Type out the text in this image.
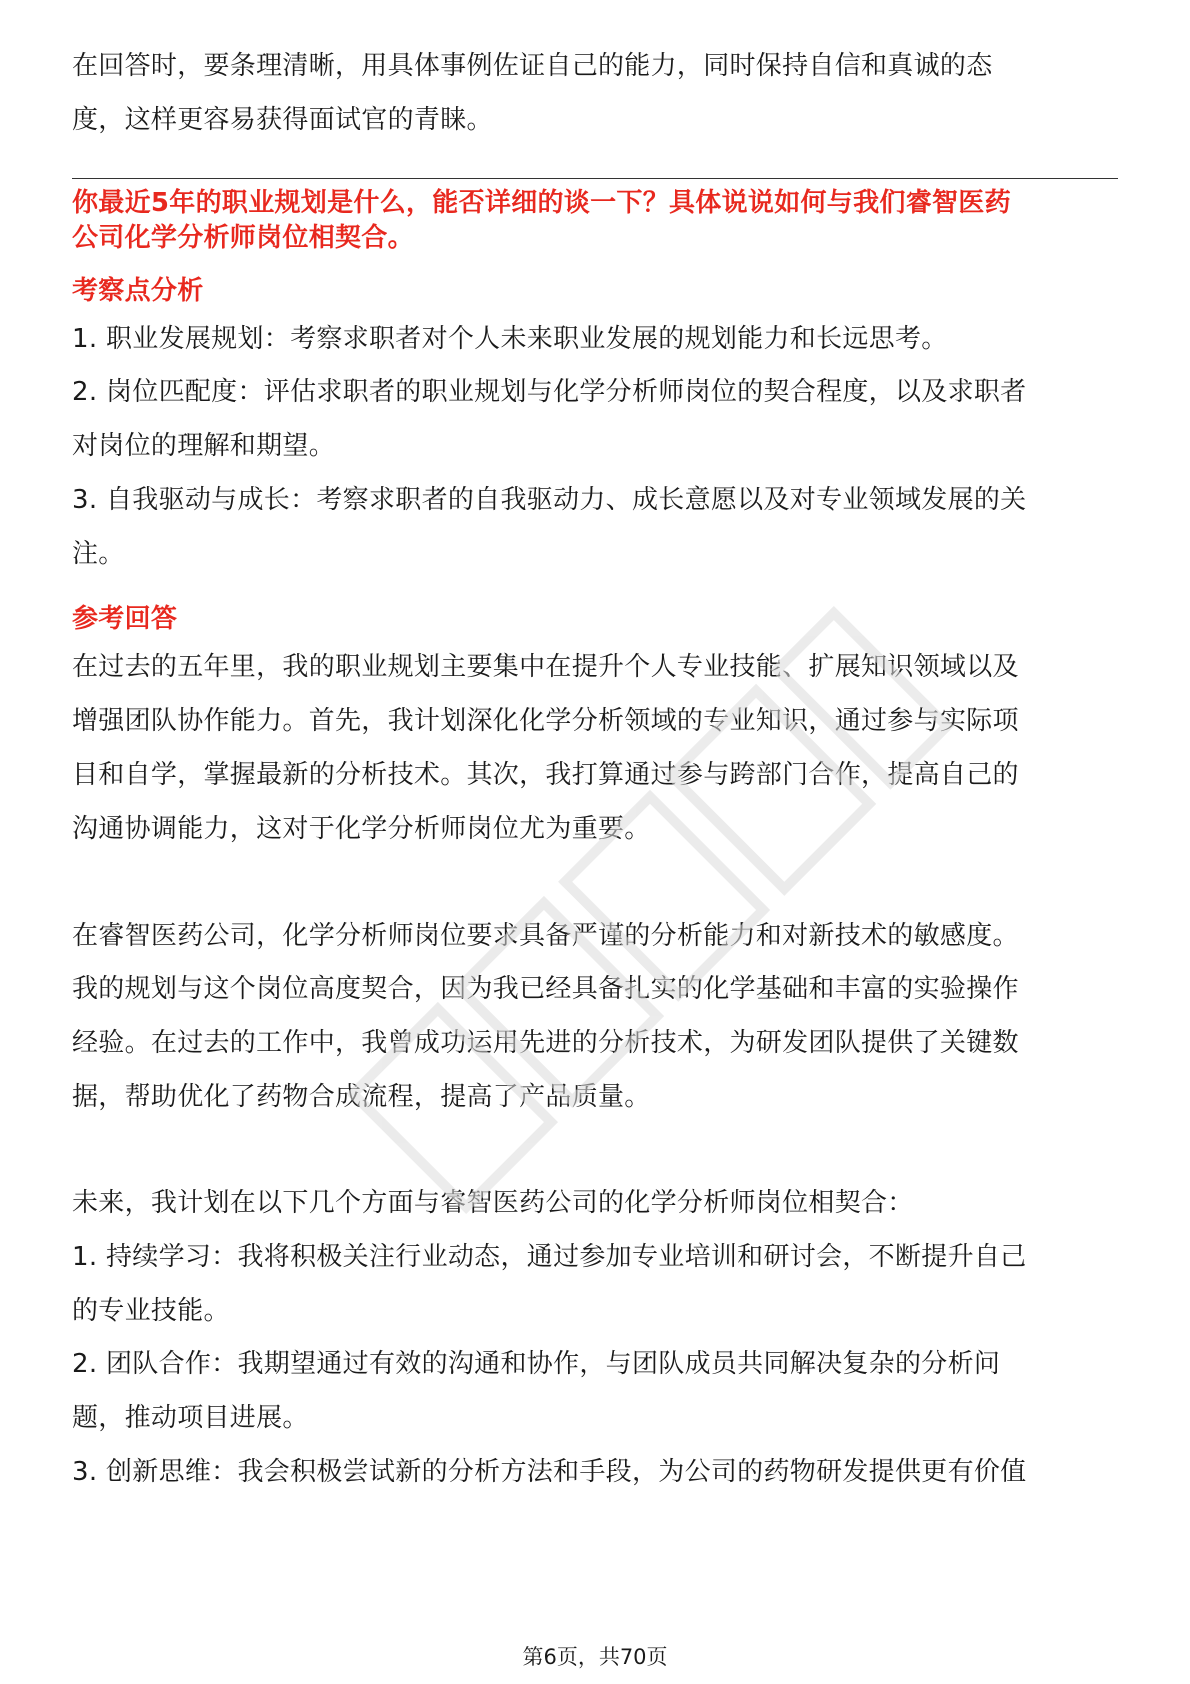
在回答时，要条理清晰，用具体事例佐证自己的能力，同时保持自信和真诚的态
度，这样更容易获得面试官的青睐。
你最近5年的职业规划是什么，能否详细的谈一下？具体说说如何与我们睿智医药
公司化学分析师岗位相契合。
考察点分析
1. 职业发展规划：考察求职者对个人未来职业发展的规划能力和长远思考。
2. 岗位匹配度：评估求职者的职业规划与化学分析师岗位的契合程度，以及求职者
对岗位的理解和期望。
3. 自我驱动与成长：考察求职者的自我驱动力、成长意愿以及对专业领域发展的关
注。
参考回答
在过去的五年里，我的职业规划主要集中在提升个人专业技能、扩展知识领域以及
增强团队协作能力。首先，我计划深化化学分析领域的专业知识，通过参与实际项
目和自学，掌握最新的分析技术。其次，我打算通过参与跨部门合作，提高自己的
沟通协调能力，这对于化学分析师岗位尤为重要。
在睿智医药公司，化学分析师岗位要求具备严谨的分析能力和对新技术的敏感度。
我的规划与这个岗位高度契合，因为我已经具备扎实的化学基础和丰富的实验操作
经验。在过去的工作中，我曾成功运用先进的分析技术，为研发团队提供了关键数
据，帮助优化了药物合成流程，提高了产品质量。
未来，我计划在以下几个方面与睿智医药公司的化学分析师岗位相契合：
1. 持续学习：我将积极关注行业动态，通过参加专业培训和研讨会，不断提升自己
的专业技能。
2. 团队合作：我期望通过有效的沟通和协作，与团队成员共同解决复杂的分析问
题，推动项目进展。
3. 创新思维：我会积极尝试新的分析方法和手段，为公司的药物研发提供更有价值
第6页，共70页
